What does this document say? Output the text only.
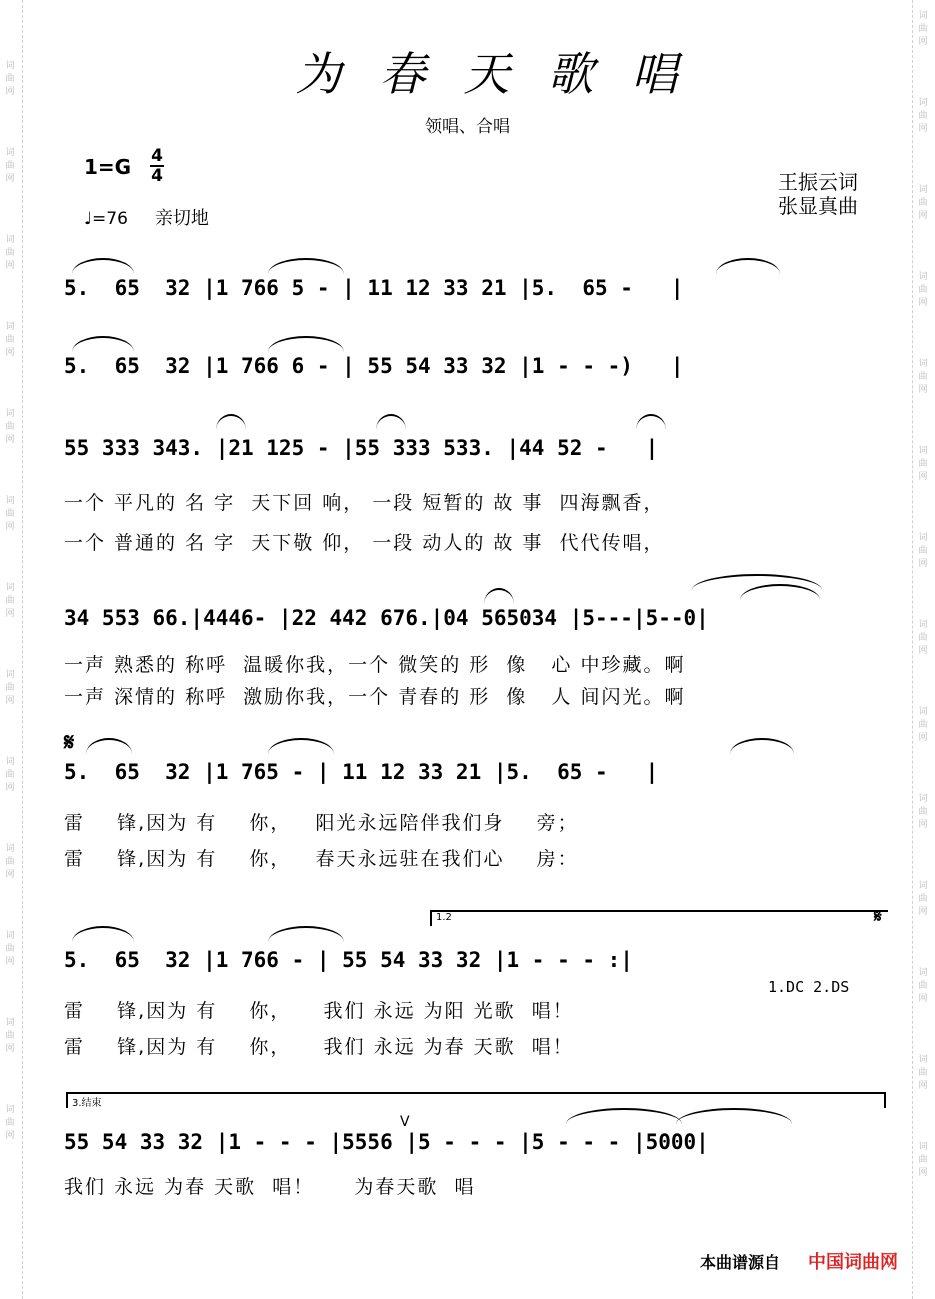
词曲网
词曲网
词曲网
词曲网
词曲网
词曲网
词曲网
词曲网
词曲网
词曲网
词曲网
词曲网
词曲网
词曲网
词曲网
词曲网
词曲网
词曲网
词曲网
词曲网
词曲网
词曲网
词曲网
词曲网
词曲网
词曲网
词曲网
为春天歌唱
领唱、合唱
1=G 4
4
♩=76 亲切地
王振云词
张显真曲
5.  65  32 |1 766 5 - | 11 12 33 21 |5.  65 -   |
5.  65  32 |1 766 6 - | 55 54 33 32 |1 - - -)   |
55 333 343. |21 125 - |55 333 533. |44 52 -   |
一个 平凡的 名 字  天下回 响， 一段 短暂的 故 事  四海飘香，
一个 普通的 名 字  天下敬 仰， 一段 动人的 故 事  代代传唱，
34 553 66.|4446- |22 442 676.|04 565034 |5---|5--0|
一声 熟悉的 称呼  温暖你我，一个 微笑的 形  像   心 中珍藏。啊
一声 深情的 称呼  激励你我，一个 青春的 形  像   人 间闪光。啊
𝄋
5.  65  32 |1 765 - | 11 12 33 21 |5.  65 -   |
雷    锋,因为 有    你，   阳光永远陪伴我们身    旁；
雷    锋,因为 有    你，   春天永远驻在我们心    房：
1.2	𝄋
5.  65  32 |1 766 - | 55 54 33 32 |1 - - - :|
1.DC 2.DS
雷    锋,因为 有    你，    我们 永远 为阳 光歌  唱！
雷    锋,因为 有    你，    我们 永远 为春 天歌  唱！
3.结束
V
55 54 33 32 |1 - - - |5556 |5 - - - |5 - - - |5000|
我们 永远 为春 天歌  唱！     为春天歌  唱
本曲谱源自 中国词曲网
